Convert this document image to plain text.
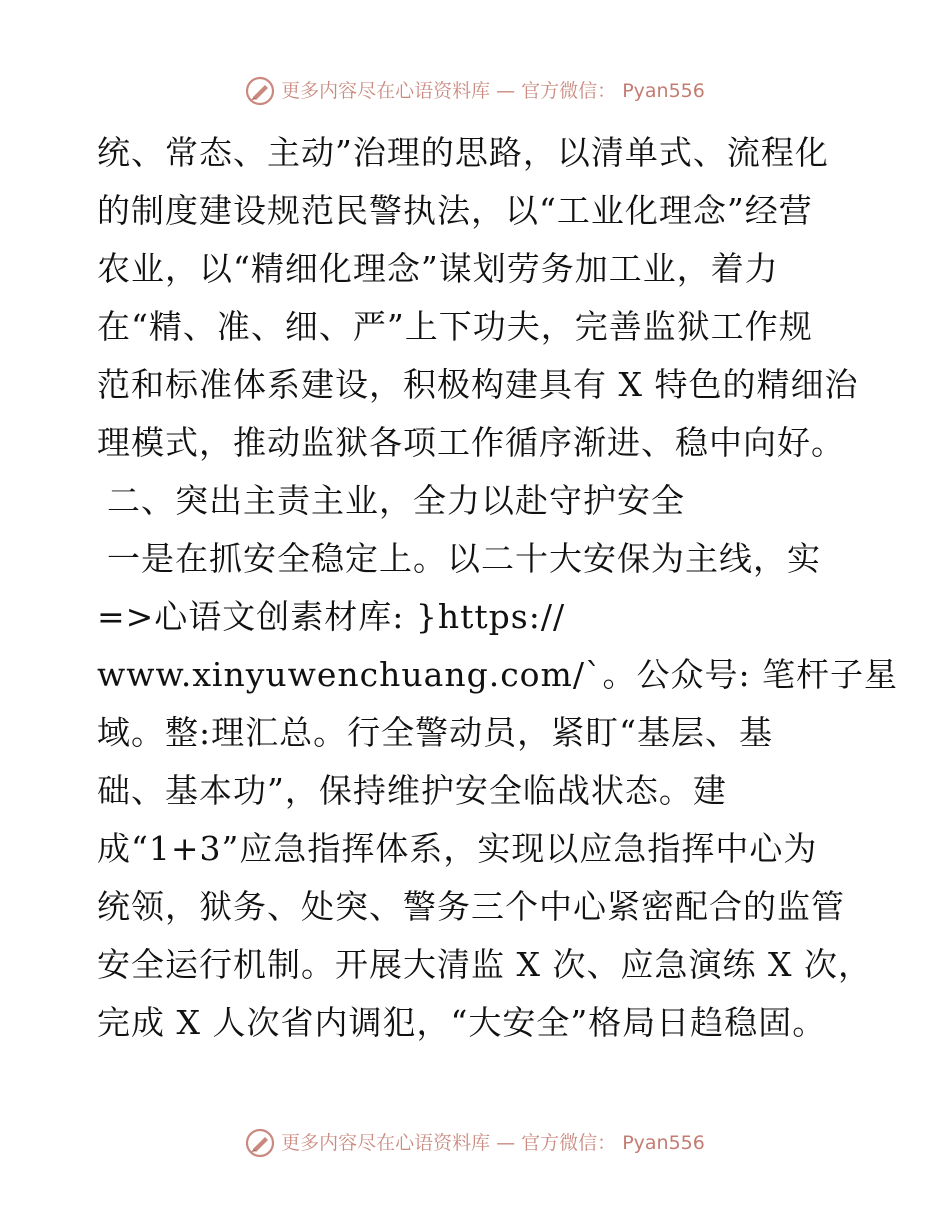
更多内容尽在心语资料库 — 官方微信： Pyan556
统、常态、主动”治理的思路，以清单式、流程化
的制度建设规范民警执法，以“工业化理念”经营
农业，以“精细化理念”谋划劳务加工业，着力
在“精、准、细、严”上下功夫，完善监狱工作规
范和标准体系建设，积极构建具有 X 特色的精细治
理模式，推动监狱各项工作循序渐进、稳中向好。
二、突出主责主业，全力以赴守护安全
一是在抓安全稳定上。以二十大安保为主线，实
=>心语文创素材库: }https://
www.xinyuwenchuang.com/`。公众号: 笔杆子星
域。整:理汇总。行全警动员，紧盯“基层、基
础、基本功”，保持维护安全临战状态。建
成“1+3”应急指挥体系，实现以应急指挥中心为
统领，狱务、处突、警务三个中心紧密配合的监管
安全运行机制。开展大清监 X 次、应急演练 X 次，
完成 X 人次省内调犯，“大安全”格局日趋稳固。
更多内容尽在心语资料库 — 官方微信： Pyan556
